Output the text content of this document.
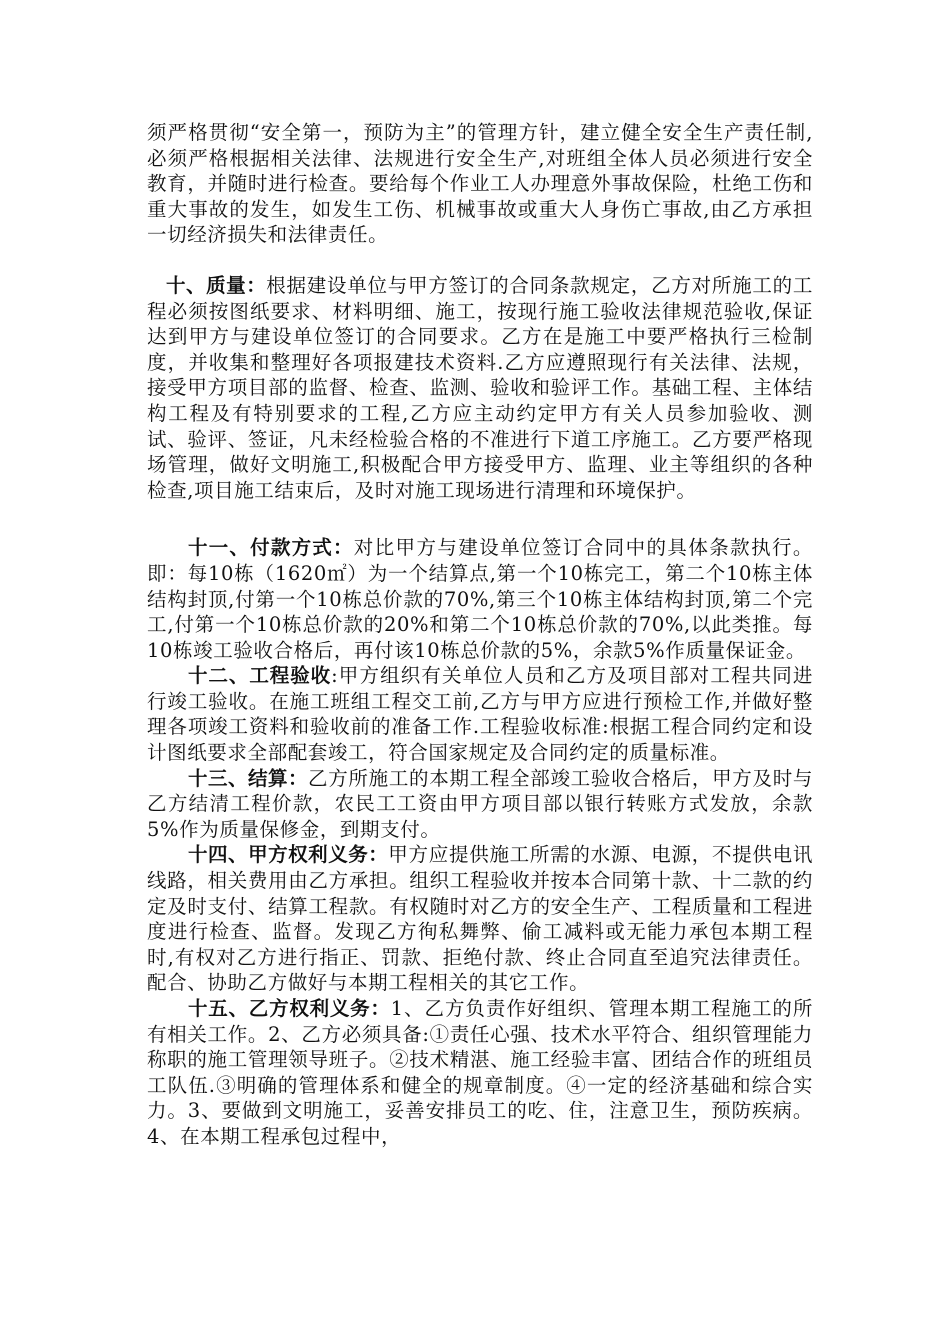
须严格贯彻“安全第一，预防为主”的管理方针，建立健全安全生产责任制,必须严格根据相关法律、法规进行安全生产,对班组全体人员必须进行安全教育，并随时进行检查。要给每个作业工人办理意外事故保险，杜绝工伤和重大事故的发生，如发生工伤、机械事故或重大人身伤亡事故,由乙方承担一切经济损失和法律责任。

十、质量：根据建设单位与甲方签订的合同条款规定，乙方对所施工的工程必须按图纸要求、材料明细、施工，按现行施工验收法律规范验收,保证达到甲方与建设单位签订的合同要求。乙方在是施工中要严格执行三检制度，并收集和整理好各项报建技术资料.乙方应遵照现行有关法律、法规，接受甲方项目部的监督、检查、监测、验收和验评工作。基础工程、主体结构工程及有特别要求的工程,乙方应主动约定甲方有关人员参加验收、测试、验评、签证，凡未经检验合格的不准进行下道工序施工。乙方要严格现场管理，做好文明施工,积极配合甲方接受甲方、监理、业主等组织的各种检查,项目施工结束后，及时对施工现场进行清理和环境保护。

十一、付款方式：对比甲方与建设单位签订合同中的具体条款执行。即：每10栋（1620㎡）为一个结算点,第一个10栋完工，第二个10栋主体结构封顶,付第一个10栋总价款的70%,第三个10栋主体结构封顶,第二个完工,付第一个10栋总价款的20%和第二个10栋总价款的70%,以此类推。每10栋竣工验收合格后，再付该10栋总价款的5%，余款5%作质量保证金。

十二、工程验收:甲方组织有关单位人员和乙方及项目部对工程共同进行竣工验收。在施工班组工程交工前,乙方与甲方应进行预检工作,并做好整理各项竣工资料和验收前的准备工作.工程验收标准:根据工程合同约定和设计图纸要求全部配套竣工，符合国家规定及合同约定的质量标准。

十三、结算：乙方所施工的本期工程全部竣工验收合格后，甲方及时与乙方结清工程价款，农民工工资由甲方项目部以银行转账方式发放，余款5%作为质量保修金，到期支付。

十四、甲方权利义务：甲方应提供施工所需的水源、电源，不提供电讯线路，相关费用由乙方承担。组织工程验收并按本合同第十款、十二款的约定及时支付、结算工程款。有权随时对乙方的安全生产、工程质量和工程进度进行检查、监督。发现乙方徇私舞弊、偷工减料或无能力承包本期工程时,有权对乙方进行指正、罚款、拒绝付款、终止合同直至追究法律责任。配合、协助乙方做好与本期工程相关的其它工作。

十五、乙方权利义务：1、乙方负责作好组织、管理本期工程施工的所有相关工作。2、乙方必须具备:①责任心强、技术水平符合、组织管理能力称职的施工管理领导班子。②技术精湛、施工经验丰富、团结合作的班组员工队伍.③明确的管理体系和健全的规章制度。④一定的经济基础和综合实力。3、要做到文明施工，妥善安排员工的吃、住，注意卫生，预防疾病。4、在本期工程承包过程中，
